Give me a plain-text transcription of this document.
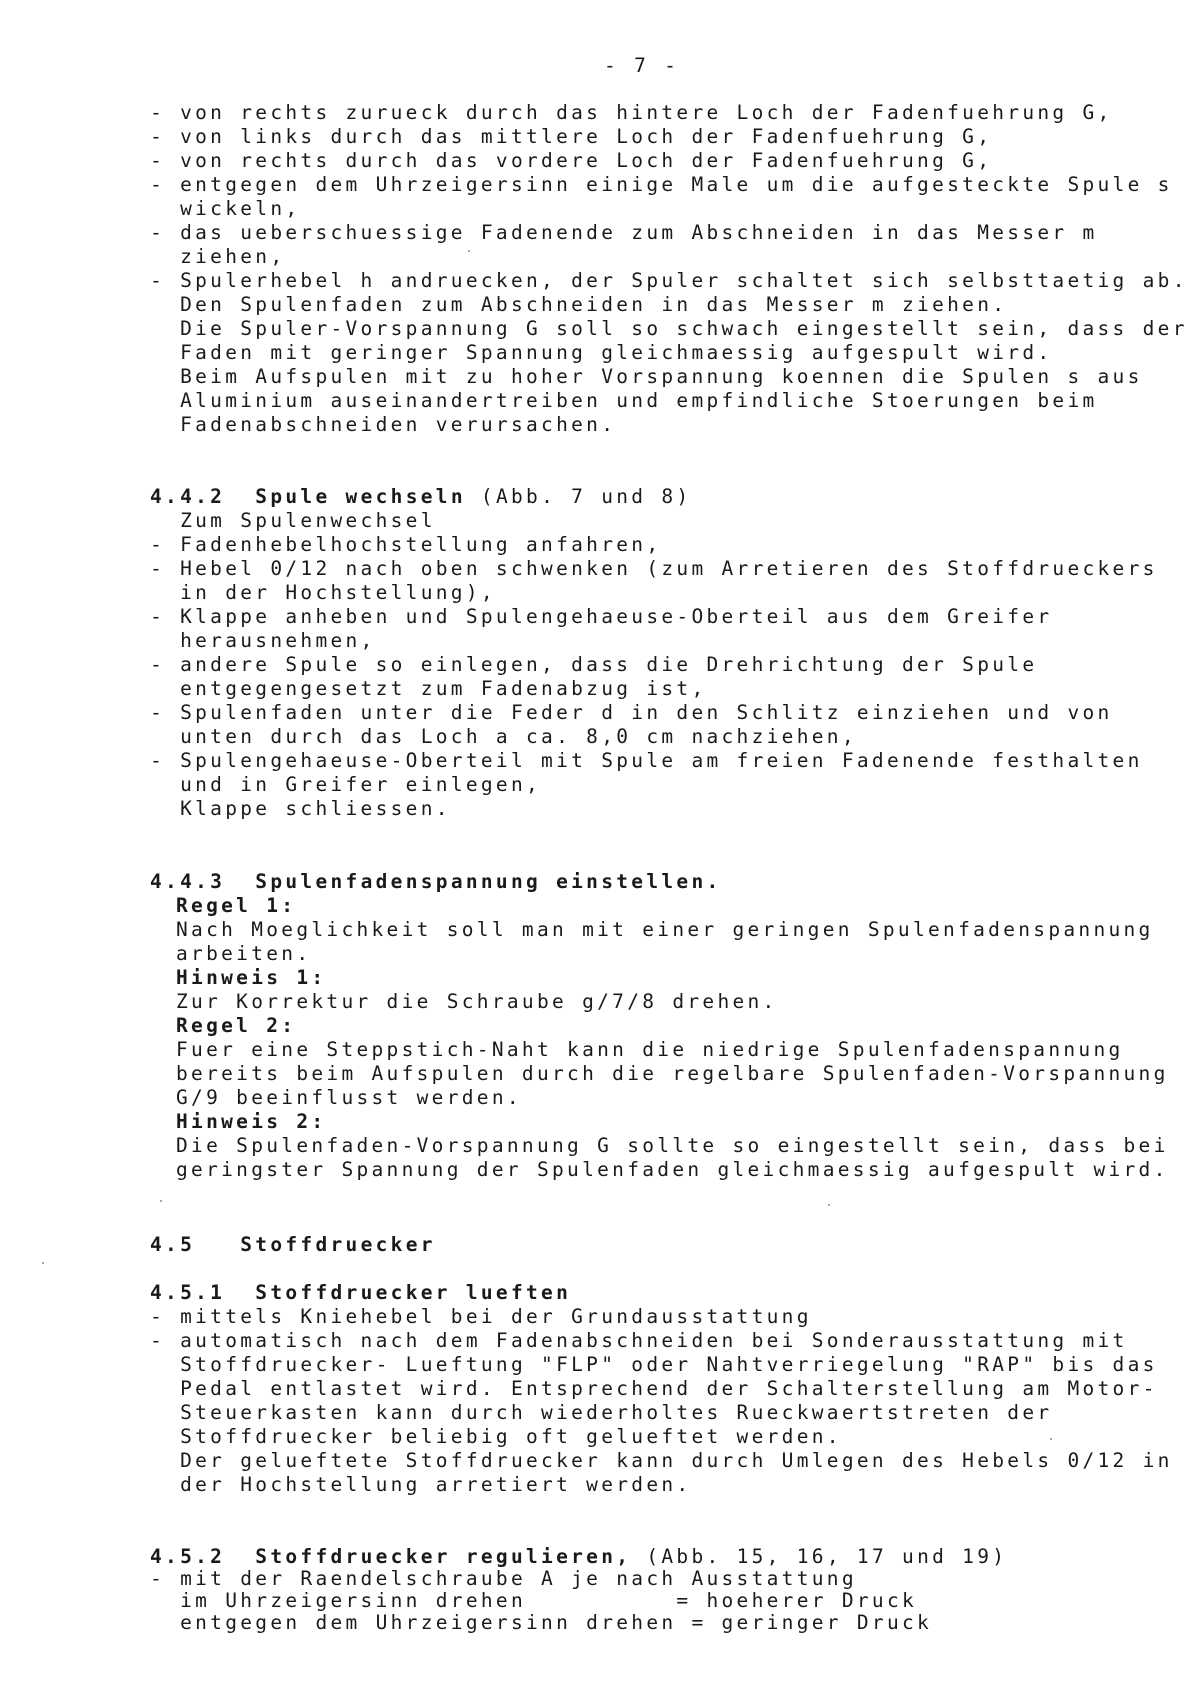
- 7 -
- von rechts zurueck durch das hintere Loch der Fadenfuehrung G,
- von links durch das mittlere Loch der Fadenfuehrung G,
- von rechts durch das vordere Loch der Fadenfuehrung G,
- entgegen dem Uhrzeigersinn einige Male um die aufgesteckte Spule s
wickeln,
- das ueberschuessige Fadenende zum Abschneiden in das Messer m
ziehen,
- Spulerhebel h andruecken, der Spuler schaltet sich selbsttaetig ab.
Den Spulenfaden zum Abschneiden in das Messer m ziehen.
Die Spuler-Vorspannung G soll so schwach eingestellt sein, dass der
Faden mit geringer Spannung gleichmaessig aufgespult wird.
Beim Aufspulen mit zu hoher Vorspannung koennen die Spulen s aus
Aluminium auseinandertreiben und empfindliche Stoerungen beim
Fadenabschneiden verursachen.
4.4.2 Spule wechseln (Abb. 7 und 8)
Zum Spulenwechsel
- Fadenhebelhochstellung anfahren,
- Hebel 0/12 nach oben schwenken (zum Arretieren des Stoffdrueckers
in der Hochstellung),
- Klappe anheben und Spulengehaeuse-Oberteil aus dem Greifer
herausnehmen,
- andere Spule so einlegen, dass die Drehrichtung der Spule
entgegengesetzt zum Fadenabzug ist,
- Spulenfaden unter die Feder d in den Schlitz einziehen und von
unten durch das Loch a ca. 8,0 cm nachziehen,
- Spulengehaeuse-Oberteil mit Spule am freien Fadenende festhalten
und in Greifer einlegen,
Klappe schliessen.
4.4.3 Spulenfadenspannung einstellen.
Regel 1:
Nach Moeglichkeit soll man mit einer geringen Spulenfadenspannung
arbeiten.
Hinweis 1:
Zur Korrektur die Schraube g/7/8 drehen.
Regel 2:
Fuer eine Steppstich-Naht kann die niedrige Spulenfadenspannung
bereits beim Aufspulen durch die regelbare Spulenfaden-Vorspannung
G/9 beeinflusst werden.
Hinweis 2:
Die Spulenfaden-Vorspannung G sollte so eingestellt sein, dass bei
geringster Spannung der Spulenfaden gleichmaessig aufgespult wird.
4.5 Stoffdruecker
4.5.1 Stoffdruecker lueften
- mittels Kniehebel bei der Grundausstattung
- automatisch nach dem Fadenabschneiden bei Sonderausstattung mit
Stoffdruecker- Lueftung "FLP" oder Nahtverriegelung "RAP" bis das
Pedal entlastet wird. Entsprechend der Schalterstellung am Motor-
Steuerkasten kann durch wiederholtes Rueckwaertstreten der
Stoffdruecker beliebig oft gelueftet werden.
Der gelueftete Stoffdruecker kann durch Umlegen des Hebels 0/12 in
der Hochstellung arretiert werden.
4.5.2 Stoffdruecker regulieren, (Abb. 15, 16, 17 und 19)
- mit der Raendelschraube A je nach Ausstattung
im Uhrzeigersinn drehen          = hoeherer Druck
entgegen dem Uhrzeigersinn drehen = geringer Druck
